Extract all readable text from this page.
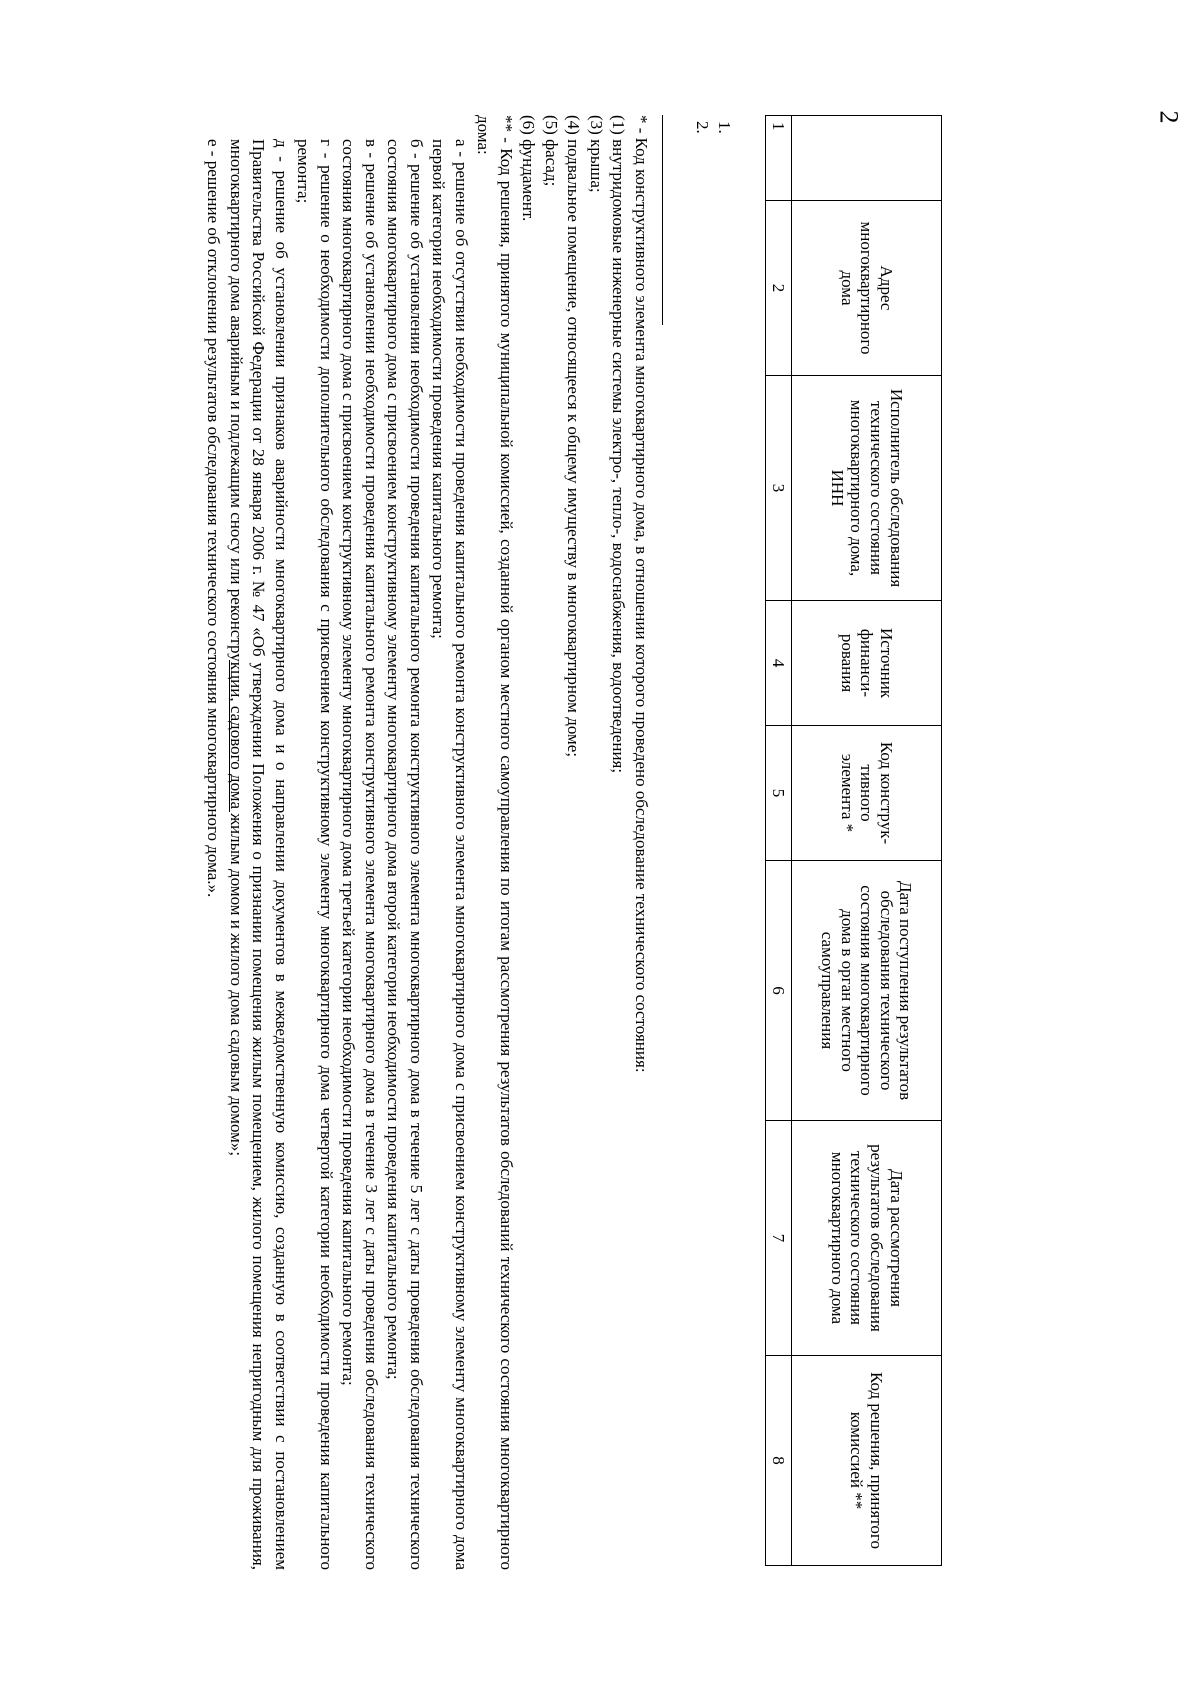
2
	Адрес многоквартирного дома	Исполнитель обследования технического состояния многоквартирного дома, ИНН	Источник финанси-рования	Код конструк-тивного элемента *	Дата поступления результатов обследования технического состояния многоквартирного дома в орган местного самоуправления	Дата рассмотрения результатов обследования технического состояния многоквартирного дома	Код решения, принятого комиссией **
1	2	3	4	5	6	7	8
1.
2.

* - Код конструктивного элемента многоквартирного дома, в отношении которого проведено обследование технического состояния:

(1) внутридомовые инженерные системы электро-, тепло-, водоснабжения, водоотведения;

(3) крыша;

(4) подвальное помещение, относящееся к общему имуществу в многоквартирном доме;

(5) фасад;

(6) фундамент.

** - Код решения, принятого муниципальной комиссией, созданной органом местного самоуправления по итогам рассмотрения результатов обследований технического состояния многоквартирного дома:

а - решение об отсутствии необходимости проведения капитального ремонта конструктивного элемента многоквартирного дома с присвоением конструктивному элементу многоквартирного дома первой категории необходимости проведения капитального ремонта;

б - решение об установлении необходимости проведения капитального ремонта конструктивного элемента многоквартирного дома в течение 5 лет с даты проведения обследования технического состояния многоквартирного дома с присвоением конструктивному элементу многоквартирного дома второй категории необходимости проведения капитального ремонта;

в - решение об установлении необходимости проведения капитального ремонта конструктивного элемента многоквартирного дома в течение 3 лет с даты проведения обследования технического состояния многоквартирного дома с присвоением конструктивному элементу многоквартирного дома третьей категории необходимости проведения капитального ремонта;

г - решение о необходимости дополнительного обследования с присвоением конструктивному элементу многоквартирного дома четвертой категории необходимости проведения капитального ремонта;

д - решение об установлении признаков аварийности многоквартирного дома и о направлении документов в межведомственную комиссию, созданную в соответствии с постановлением Правительства Российской Федерации от 28 января 2006 г. № 47 «Об утверждении Положения о признании помещения жилым помещением, жилого помещения непригодным для проживания, многоквартирного дома аварийным и подлежащим сносу или реконструкции, садового дома жилым домом и жилого дома садовым домом»;

е - решение об отклонении результатов обследования технического состояния многоквартирного дома.».
